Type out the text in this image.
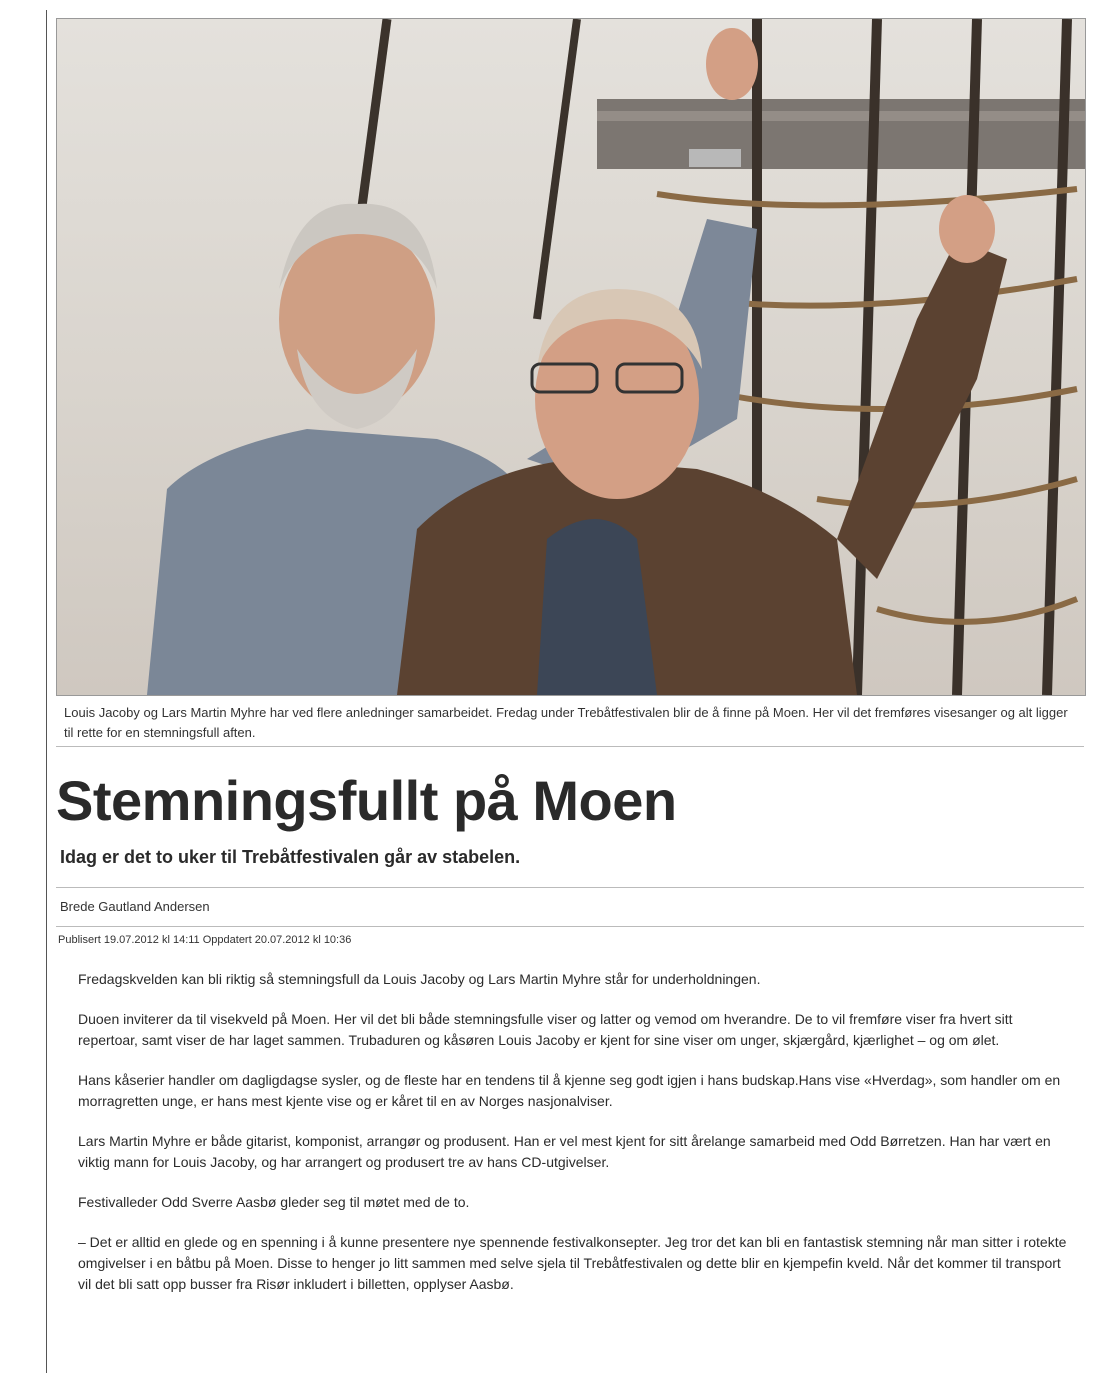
Louis Jacoby og Lars Martin Myhre har ved flere anledninger samarbeidet. Fredag under Trebåtfestivalen blir de å finne på Moen. Her vil det fremføres visesanger og alt ligger til rette for en stemningsfull aften.
Stemningsfullt på Moen
Idag er det to uker til Trebåtfestivalen går av stabelen.
Brede Gautland Andersen
Publisert 19.07.2012 kl 14:11 Oppdatert 20.07.2012 kl 10:36

Fredagskvelden kan bli riktig så stemningsfull da Louis Jacoby og Lars Martin Myhre står for underholdningen.

Duoen inviterer da til visekveld på Moen. Her vil det bli både stemningsfulle viser og latter og vemod om hverandre. De to vil fremføre viser fra hvert sitt repertoar, samt viser de har laget sammen. Trubaduren og kåsøren Louis Jacoby er kjent for sine viser om unger, skjærgård, kjærlighet – og om ølet.

Hans kåserier handler om dagligdagse sysler, og de fleste har en tendens til å kjenne seg godt igjen i hans budskap.Hans vise «Hverdag», som handler om en morragretten unge, er hans mest kjente vise og er kåret til en av Norges nasjonalviser.

Lars Martin Myhre er både gitarist, komponist, arrangør og produsent. Han er vel mest kjent for sitt årelange samarbeid med Odd Børretzen. Han har vært en viktig mann for Louis Jacoby, og har arrangert og produsert tre av hans CD-utgivelser.

Festivalleder Odd Sverre Aasbø gleder seg til møtet med de to.

– Det er alltid en glede og en spenning i å kunne presentere nye spennende festivalkonsepter. Jeg tror det kan bli en fantastisk stemning når man sitter i rotekte omgivelser i en båtbu på Moen. Disse to henger jo litt sammen med selve sjela til Trebåtfestivalen og dette blir en kjempefin kveld. Når det kommer til transport vil det bli satt opp busser fra Risør inkludert i billetten, opplyser Aasbø.
